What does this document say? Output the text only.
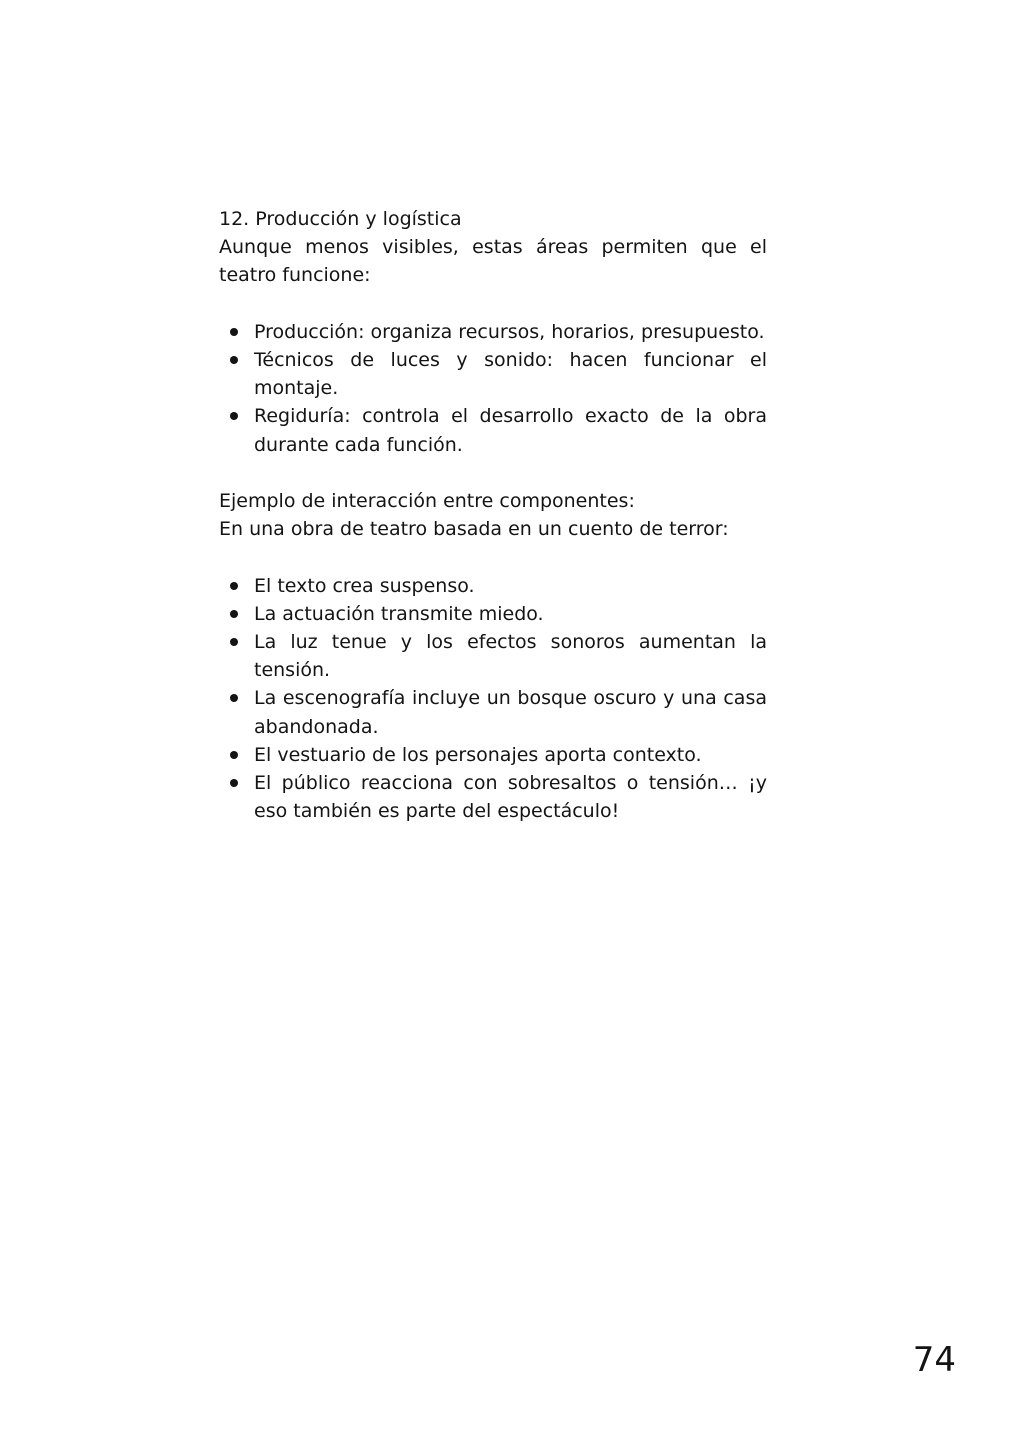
12. Producción y logística

Aunque menos visibles, estas áreas permiten que el teatro funcione:

Producción: organiza recursos, horarios, presupuesto.
Técnicos de luces y sonido: hacen funcionar el montaje.
Regiduría: controla el desarrollo exacto de la obra durante cada función.

Ejemplo de interacción entre componentes:

En una obra de teatro basada en un cuento de terror:

El texto crea suspenso.
La actuación transmite miedo.
La luz tenue y los efectos sonoros aumentan la tensión.
La escenografía incluye un bosque oscuro y una casa abandonada.
El vestuario de los personajes aporta contexto.
El público reacciona con sobresaltos o tensión… ¡y eso también es parte del espectáculo!
74
